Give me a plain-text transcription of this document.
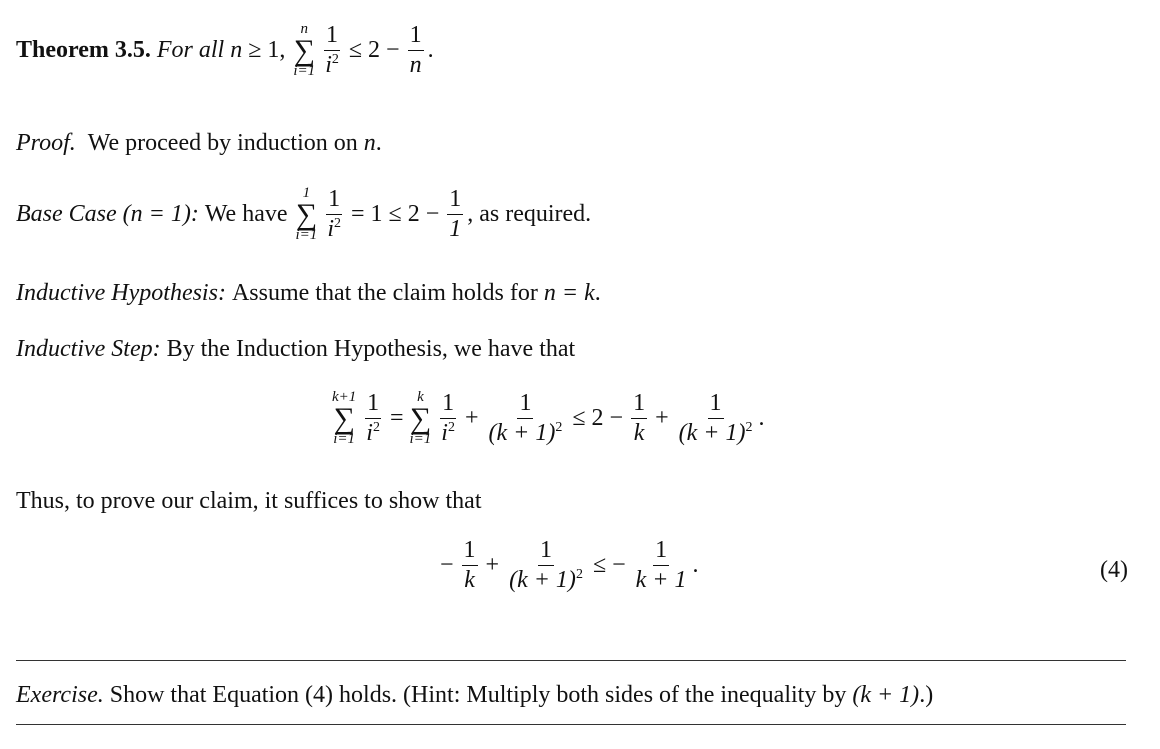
Theorem 3.5.
For all
n
≥ 1,

n
∑
$i=1 \frac{1}{i^2} \le 2 - \frac{1}{n}$ .
Proof.
We proceed by induction on
n .
Base Case (n = 1):
We have

1
∑
$i=1 \frac{1}{i^2} = 1 \le 2 - \frac{1}{1}$ , as required.
Inductive Hypothesis:
Assume that the claim holds for
n = k .
Inductive Step:
By the Induction Hypothesis, we have that
k+1
∑
$i=1 \frac{1}{i^2}$ =
k
∑
$i=1 \frac{1}{i^2} + \frac{1}{(k + 1)^2} \le 2 - \frac{1}{k} + \frac{1}{(k + 1)^2}$ .
Thus, to prove our claim, it suffices to show that
− $\frac{1}{k} + \frac{1}{(k + 1)^2}$ ≤ − $\frac{1}{k + 1}$ .	(4)
Exercise.
Show that Equation (4) holds. (Hint: Multiply both sides of the inequality by
(k + 1) .)
